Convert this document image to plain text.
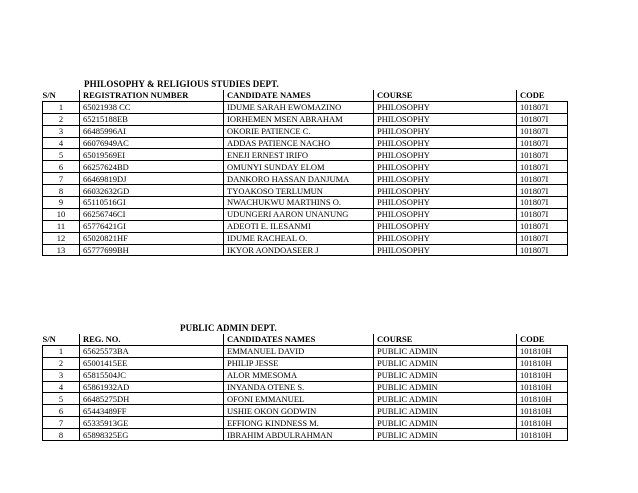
PHILOSOPHY & RELIGIOUS STUDIES DEPT.
S/N	REGISTRATION NUMBER	CANDIDATE NAMES	COURSE	CODE
1	65021938 CC	IDUME SARAH EWOMAZINO	PHILOSOPHY	101807I
2	65215188EB	IORHEMEN MSEN ABRAHAM	PHILOSOPHY	101807I
3	66485996AI	OKORIE PATIENCE C.	PHILOSOPHY	101807I
4	66076949AC	ADDAS PATIENCE NACHO	PHILOSOPHY	101807I
5	65019569EI	ENEJI ERNEST IRIFO	PHILOSOPHY	101807I
6	66257624BD	OMUNYI SUNDAY ELOM	PHILOSOPHY	101807I
7	66469819DJ	DANKORO HASSAN DANJUMA	PHILOSOPHY	101807I
8	66032632GD	TYOAKOSO TERLUMUN	PHILOSOPHY	101807I
9	65110516GI	NWACHUKWU MARTHINS O.	PHILOSOPHY	101807I
10	66256746CI	UDUNGERI AARON UNANUNG	PHILOSOPHY	101807I
11	65776421GI	ADEOTI E. ILESANMI	PHILOSOPHY	101807I
12	65020821HF	IDUME RACHEAL O.	PHILOSOPHY	101807I
13	65777699BH	IKYOR AONDOASEER J	PHILOSOPHY	101807I
PUBLIC ADMIN DEPT.
S/N	REG. NO.	CANDIDATES NAMES	COURSE	CODE
1	65625573BA	EMMANUEL DAVID	PUBLIC ADMIN	101810H
2	65001415EE	PHILIP JESSE	PUBLIC ADMIN	101810H
3	65815504JC	ALOR MMESOMA	PUBLIC ADMIN	101810H
4	65861932AD	INYANDA OTENE S.	PUBLIC ADMIN	101810H
5	66485275DH	OFONI EMMANUEL	PUBLIC ADMIN	101810H
6	65443489FF	USHIE OKON GODWIN	PUBLIC ADMIN	101810H
7	65335913GE	EFFIONG KINDNESS M.	PUBLIC ADMIN	101810H
8	65898325EG	IBRAHIM ABDULRAHMAN	PUBLIC ADMIN	101810H
